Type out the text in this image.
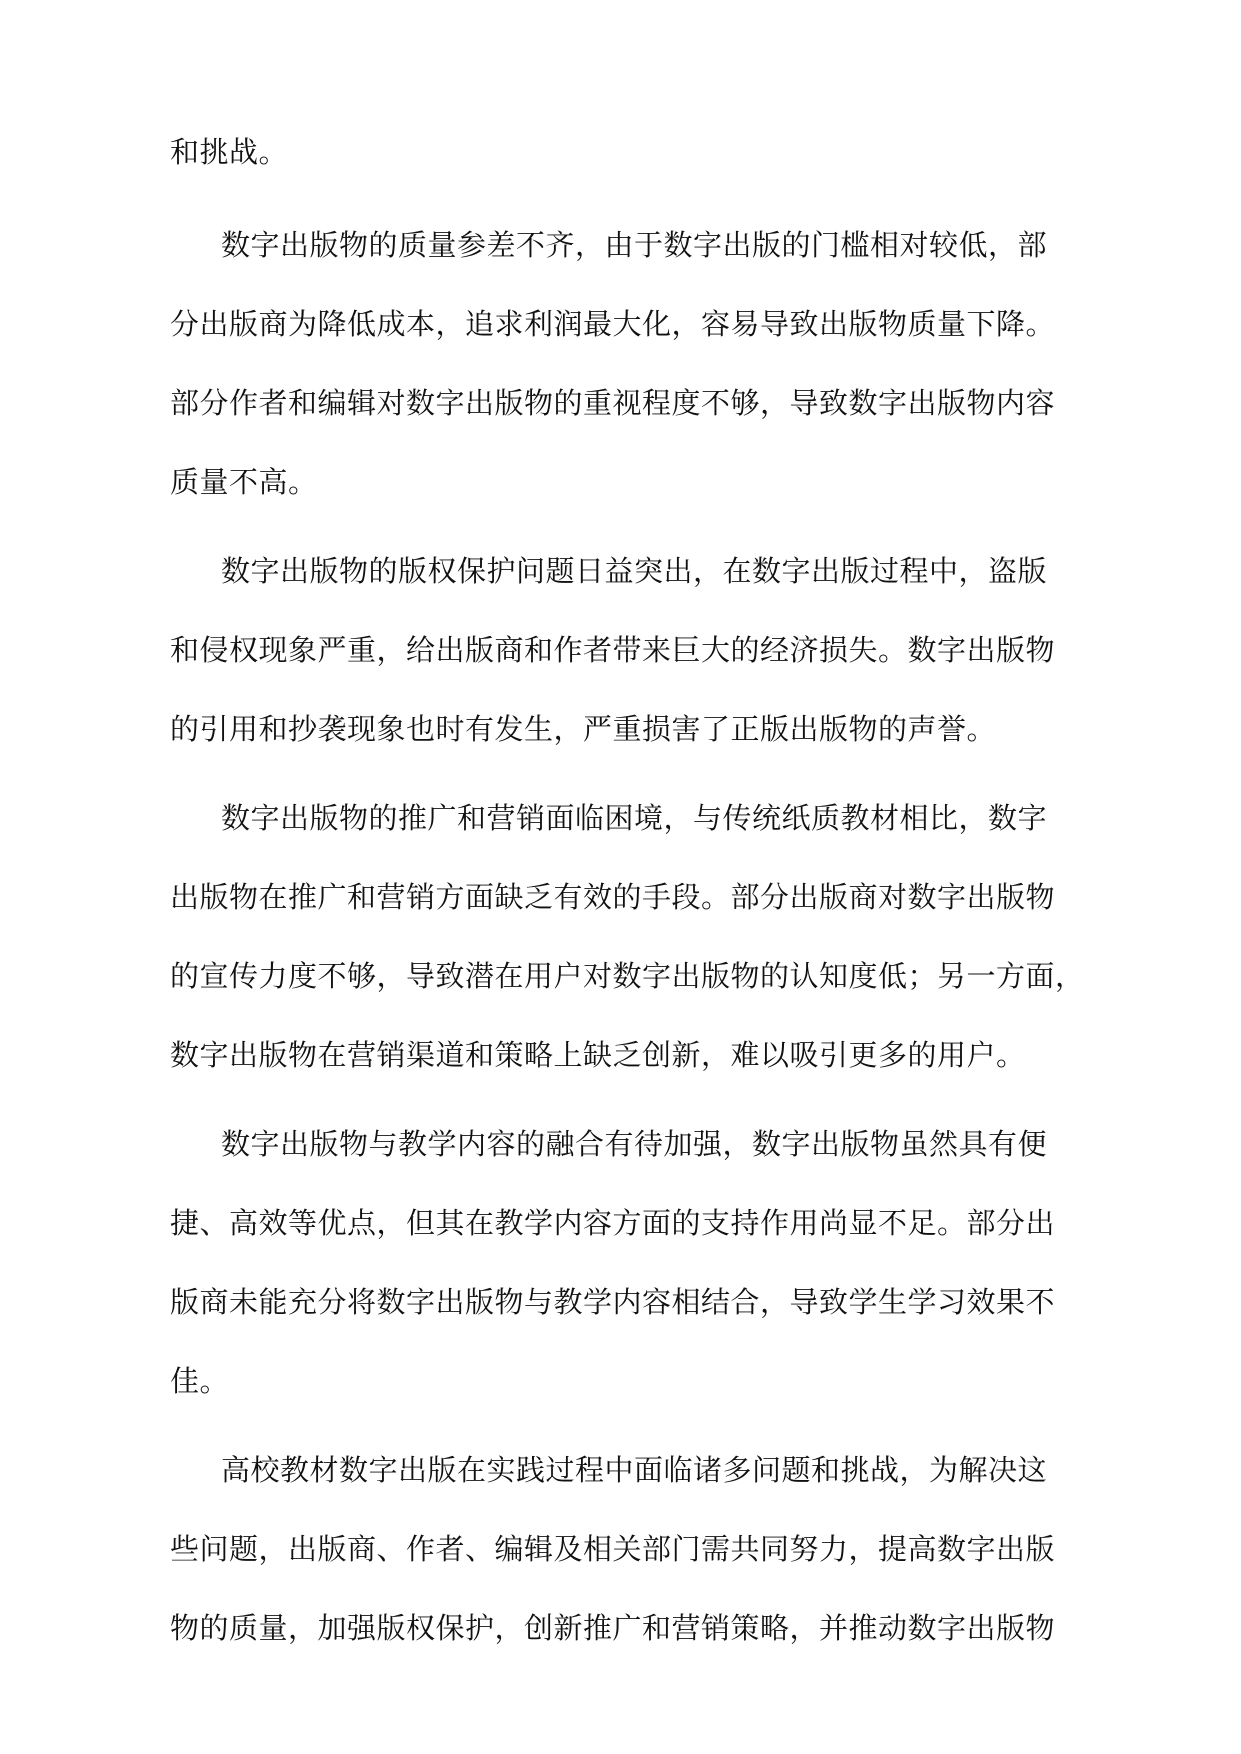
和挑战。
数字出版物的质量参差不齐，由于数字出版的门槛相对较低，部
分出版商为降低成本，追求利润最大化，容易导致出版物质量下降。
部分作者和编辑对数字出版物的重视程度不够，导致数字出版物内容
质量不高。
数字出版物的版权保护问题日益突出，在数字出版过程中，盗版
和侵权现象严重，给出版商和作者带来巨大的经济损失。数字出版物
的引用和抄袭现象也时有发生，严重损害了正版出版物的声誉。
数字出版物的推广和营销面临困境，与传统纸质教材相比，数字
出版物在推广和营销方面缺乏有效的手段。部分出版商对数字出版物
的宣传力度不够，导致潜在用户对数字出版物的认知度低；另一方面，
数字出版物在营销渠道和策略上缺乏创新，难以吸引更多的用户。
数字出版物与教学内容的融合有待加强，数字出版物虽然具有便
捷、高效等优点，但其在教学内容方面的支持作用尚显不足。部分出
版商未能充分将数字出版物与教学内容相结合，导致学生学习效果不
佳。
高校教材数字出版在实践过程中面临诸多问题和挑战，为解决这
些问题，出版商、作者、编辑及相关部门需共同努力，提高数字出版
物的质量，加强版权保护，创新推广和营销策略，并推动数字出版物
